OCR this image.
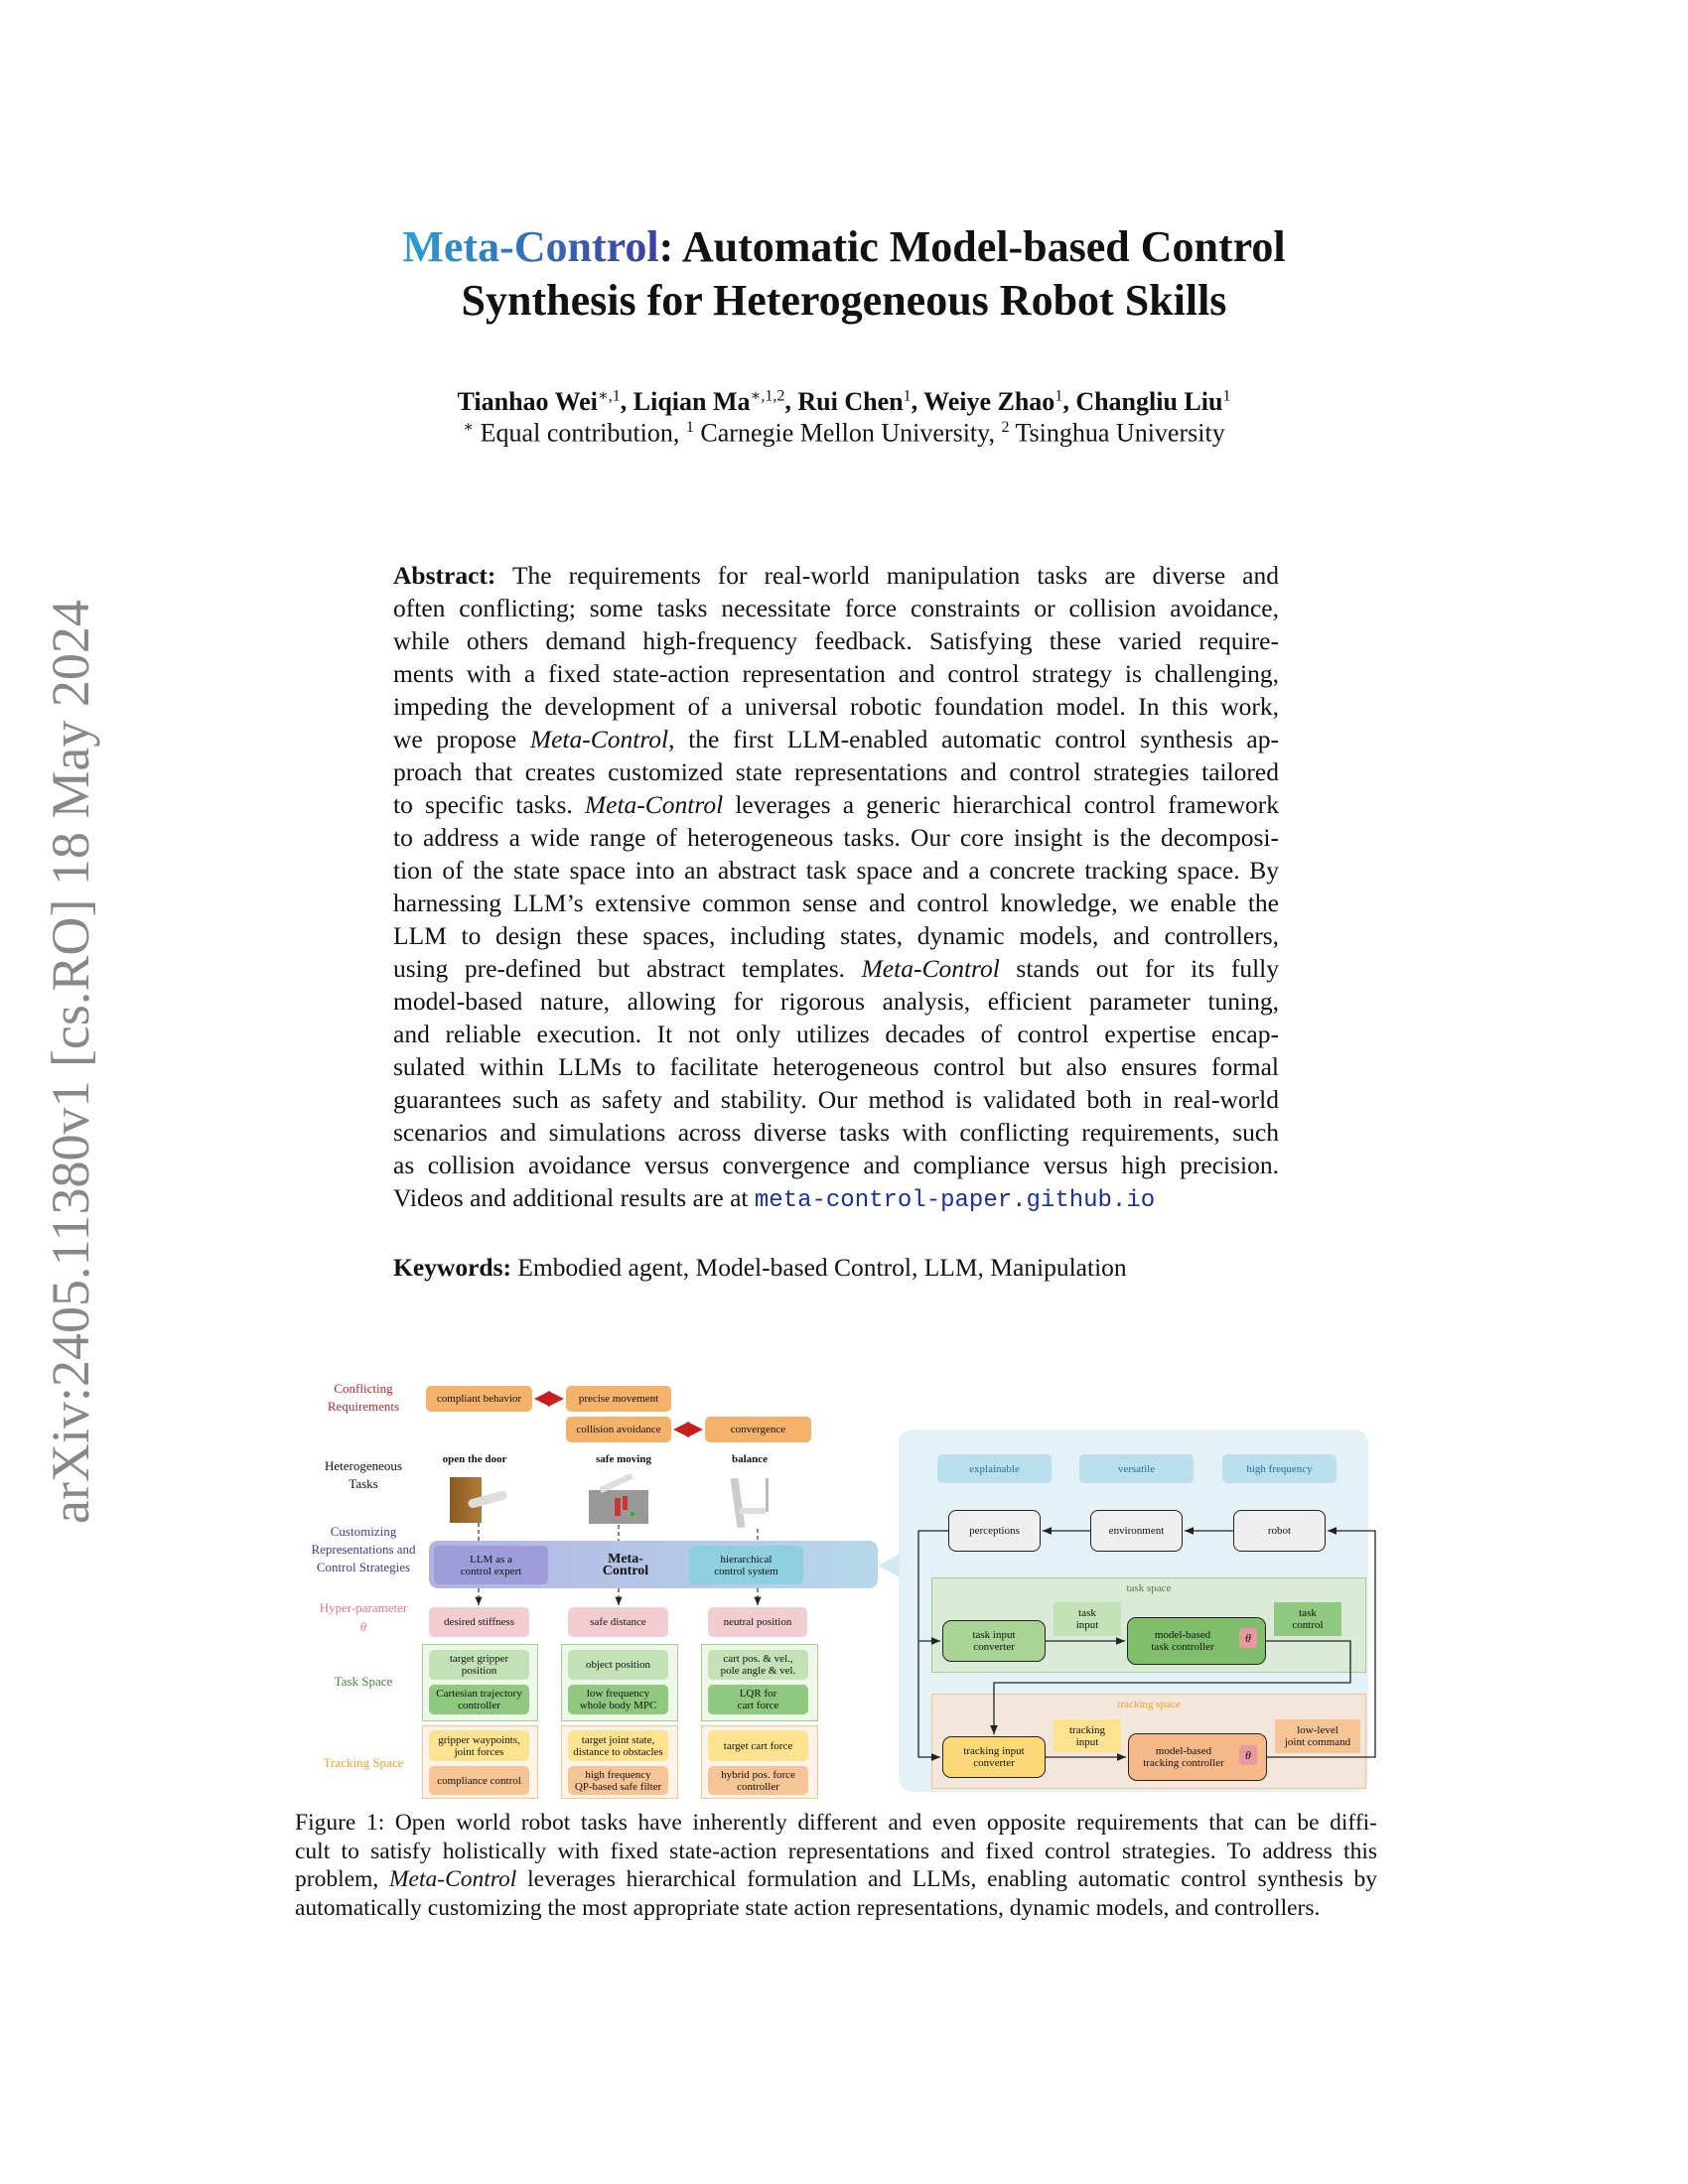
Meta-Control: Automatic Model-based Control
Synthesis for Heterogeneous Robot Skills
Tianhao Wei$^{∗,1}$, Liqian $Ma^{∗,1,2}$, Rui Chen$^1$, Weiye Zhao$^1$, Changliu Liu$^1$
∗ Equal contribution, $^1$ Carnegie Mellon University, $^2$ Tsinghua University
arXiv:2405.11380v1 [cs.RO] 18 May 2024
Abstract: The requirements for real-world manipulation tasks are diverse and
often conflicting; some tasks necessitate force constraints or collision avoidance,
while others demand high-frequency feedback. Satisfying these varied require-
ments with a fixed state-action representation and control strategy is challenging,
impeding the development of a universal robotic foundation model. In this work,
we propose Meta-Control, the first LLM-enabled automatic control synthesis ap-
proach that creates customized state representations and control strategies tailored
to specific tasks. Meta-Control leverages a generic hierarchical control framework
to address a wide range of heterogeneous tasks. Our core insight is the decomposi-
tion of the state space into an abstract task space and a concrete tracking space. By
harnessing LLM’s extensive common sense and control knowledge, we enable the
LLM to design these spaces, including states, dynamic models, and controllers,
using pre-defined but abstract templates. Meta-Control stands out for its fully
model-based nature, allowing for rigorous analysis, efficient parameter tuning,
and reliable execution. It not only utilizes decades of control expertise encap-
sulated within LLMs to facilitate heterogeneous control but also ensures formal
guarantees such as safety and stability. Our method is validated both in real-world
scenarios and simulations across diverse tasks with conflicting requirements, such
as collision avoidance versus convergence and compliance versus high precision.
Videos and additional results are at meta-control-paper.github.io
Keywords: Embodied agent, Model-based Control, LLM, Manipulation
Conflicting
Requirements
Heterogeneous
Tasks
Customizing
Representations and
Control Strategies
Hyper-parameter
θ
Task Space
Tracking Space
compliant behavior	precise movement
collision avoidance	convergence
open the door	safe moving	balance
LLM as a
control expert
Meta-Control
hierarchical
control system
desired stiffness	safe distance	neutral position
target gripper
position
Cartesian trajectory
controller
object position
low frequency
whole body MPC
cart pos. & vel.,
pole angle & vel.
LQR for
cart force
gripper waypoints,
joint forces
compliance control
target joint state,
distance to obstacles
high frequency
QP-based safe filter
target cart force
hybrid pos. force
controller
explainable	versatile	high frequency
perceptions	environment	robot
task space
task input
converter
task
input
model-based
task controller
θ
task
control
tracking space
tracking input
converter
tracking
input
model-based
tracking controller
θ
low-level
joint command
Figure 1: Open world robot tasks have inherently different and even opposite requirements that can be diffi-
cult to satisfy holistically with fixed state-action representations and fixed control strategies. To address this
problem, Meta-Control leverages hierarchical formulation and LLMs, enabling automatic control synthesis by
automatically customizing the most appropriate state action representations, dynamic models, and controllers.
